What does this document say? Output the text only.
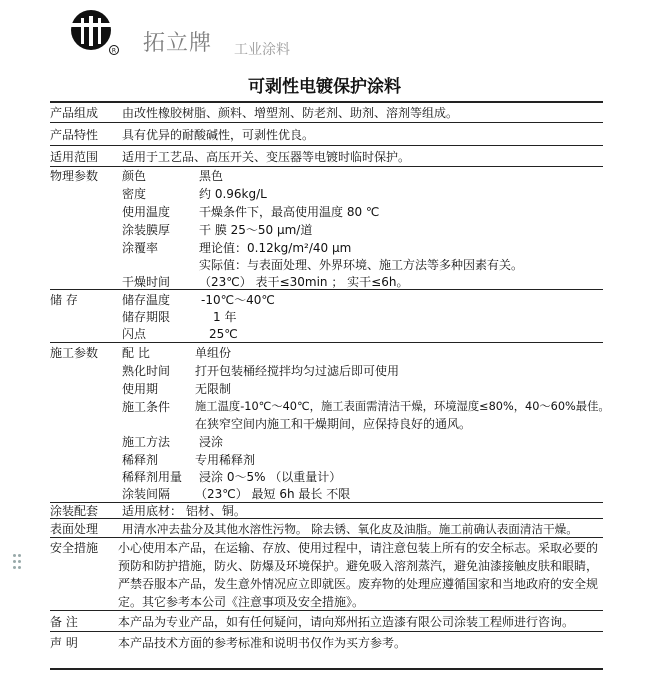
R 拓立牌 工业涂料
可剥性电镀保护涂料
产品组成 由改性橡胶树脂、颜料、增塑剂、防老剂、助剂、溶剂等组成。
产品特性 具有优异的耐酸碱性，可剥性优良。
适用范围 适用于工艺品、高压开关、变压器等电镀时临时保护。
物理参数 颜色	黑色
密度	约 0.96kg/L
使用温度 干燥条件下，最高使用温度 80 ℃
涂装膜厚 干 膜 25～50 μm/道
涂覆率	理论值：0.12kg/m²/40 μm
实际值：与表面处理、外界环境、施工方法等多种因素有关。
干燥时间 （23℃） 表干≤30min ； 实干≤6h。
储 存	储存温度	-10℃～40℃
储存期限	1 年
闪点	25℃
施工参数 配 比	单组份
熟化时间 打开包装桶经搅拌均匀过滤后即可使用
使用期	无限制
施工条件 施工温度-10℃～40℃，施工表面需清洁干燥，环境湿度≤80%，40～60%最佳。
在狭窄空间内施工和干燥期间，应保持良好的通风。
施工方法 浸涂
稀释剂	专用稀释剂
稀释剂用量 浸涂 0～5% （以重量计）
涂装间隔 （23℃） 最短 6h 最长 不限
涂装配套 适用底材： 铝材、铜。
表面处理 用清水冲去盐分及其他水溶性污物。 除去锈、氧化皮及油脂。施工前确认表面清洁干燥。
安全措施 小心使用本产品，在运输、存放、使用过程中，请注意包装上所有的安全标志。采取必要的预防和防护措施，防火、防爆及环境保护。避免吸入溶剂蒸汽，避免油漆接触皮肤和眼睛，严禁吞服本产品，发生意外情况应立即就医。废弃物的处理应遵循国家和当地政府的安全规定。其它参考本公司《注意事项及安全措施》。
备 注	本产品为专业产品，如有任何疑问，请向郑州拓立造漆有限公司涂装工程师进行咨询。
声 明	本产品技术方面的参考标准和说明书仅作为买方参考。
